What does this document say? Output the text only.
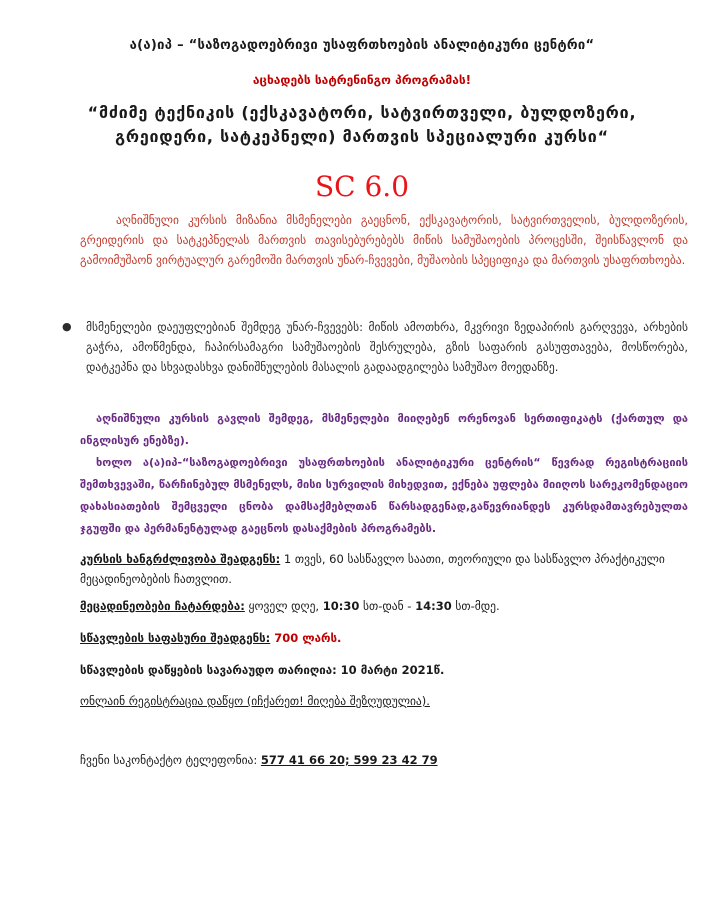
ა(ა)იპ – “საზოგადოებრივი უსაფრთხოების ანალიტიკური ცენტრი“
აცხადებს სატრენინგო პროგრამას!
“მძიმე ტექნიკის (ექსკავატორი, სატვირთველი, ბულდოზერი, გრეიდერი, სატკეპნელი) მართვის სპეციალური კურსი“
SC 6.0
აღნიშნული კურსის მიზანია მსმენელები გაეცნონ, ექსკავატორის, სატვირთველის, ბულდოზერის, გრეიდერის და სატკეპნელას მართვის თავისებურებებს მიწის სამუშაოების პროცესში, შეისწავლონ და გამოიმუშაონ ვირტუალურ გარემოში მართვის უნარ-ჩვევები, მუშაობის სპეციფიკა და მართვის უსაფრთხოება.
● მსმენელები დაეუფლებიან შემდეგ უნარ-ჩვევებს: მიწის ამოთხრა, მკვრივი ზედაპირის გარღვევა, არხების გაჭრა, ამოწმენდა, ჩაპირსამაგრი სამუშაოების შესრულება, გზის საფარის გასუფთავება, მოსწორება, დატკეპნა და სხვადასხვა დანიშნულების მასალის გადაადგილება სამუშაო მოედანზე.
აღნიშნული კურსის გავლის შემდეგ, მსმენელები მიიღებენ ორენოვან სერთიფიკატს (ქართულ და ინგლისურ ენებზე).
ხოლო ა(ა)იპ-“საზოგადოებრივი უსაფრთხოების ანალიტიკური ცენტრის“ წევრად რეგისტრაციის შემთხვევაში, წარჩინებულ მსმენელს, მისი სურვილის მიხედვით, ექნება უფლება მიიღოს სარეკომენდაციო დახასიათების შემცველი ცნობა დამსაქმებლთან წარსადგენად,გაწევრიანდეს კურსდამთავრებულთა ჯგუფში და პერმანენტულად გაეცნოს დასაქმების პროგრამებს.
კურსის ხანგრძლივობა შეადგენს: 1 თვეს, 60 სასწავლო საათი, თეორიული და სასწავლო პრაქტიკული მეცადინეობების ჩათვლით.
მეცადინეობები ჩატარდება: ყოველ დღე, 10:30 სთ-დან - 14:30 სთ-მდე.
სწავლების საფასური შეადგენს: 700 ლარს.
სწავლების დაწყების სავარაუდო თარიღია: 10 მარტი 2021წ.
ონლაინ რეგისტრაცია დაწყო (იჩქარეთ! მიღება შეზღუდულია).
ჩვენი საკონტაქტო ტელეფონია: 577 41 66 20; 599 23 42 79
